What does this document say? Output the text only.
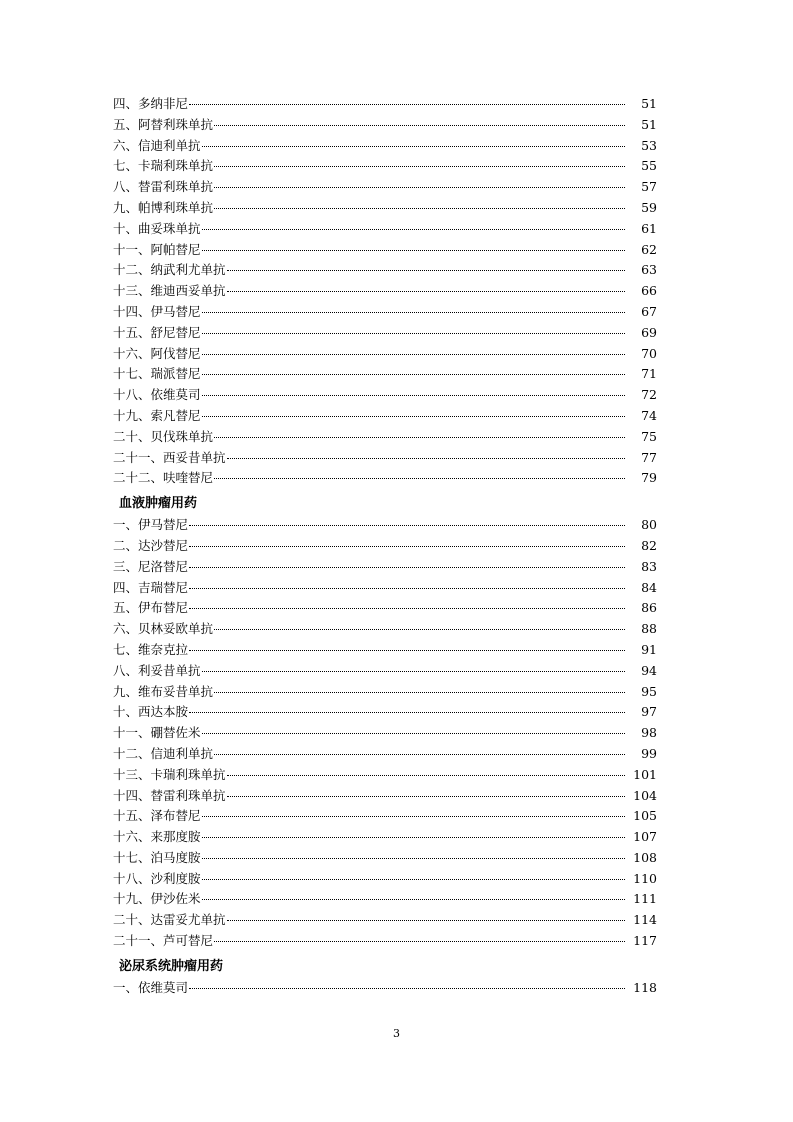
四、多纳非尼	51
五、阿替利珠单抗	51
六、信迪利单抗	53
七、卡瑞利珠单抗	55
八、替雷利珠单抗	57
九、帕博利珠单抗	59
十、曲妥珠单抗	61
十一、阿帕替尼	62
十二、纳武利尤单抗	63
十三、维迪西妥单抗	66
十四、伊马替尼	67
十五、舒尼替尼	69
十六、阿伐替尼	70
十七、瑞派替尼	71
十八、依维莫司	72
十九、索凡替尼	74
二十、贝伐珠单抗	75
二十一、西妥昔单抗	77
二十二、呋喹替尼	79
血液肿瘤用药
一、伊马替尼	80
二、达沙替尼	82
三、尼洛替尼	83
四、吉瑞替尼	84
五、伊布替尼	86
六、贝林妥欧单抗	88
七、维奈克拉	91
八、利妥昔单抗	94
九、维布妥昔单抗	95
十、西达本胺	97
十一、硼替佐米	98
十二、信迪利单抗	99
十三、卡瑞利珠单抗	101
十四、替雷利珠单抗	104
十五、泽布替尼	105
十六、来那度胺	107
十七、泊马度胺	108
十八、沙利度胺	110
十九、伊沙佐米	111
二十、达雷妥尤单抗	114
二十一、芦可替尼	117
泌尿系统肿瘤用药
一、依维莫司	118
3
